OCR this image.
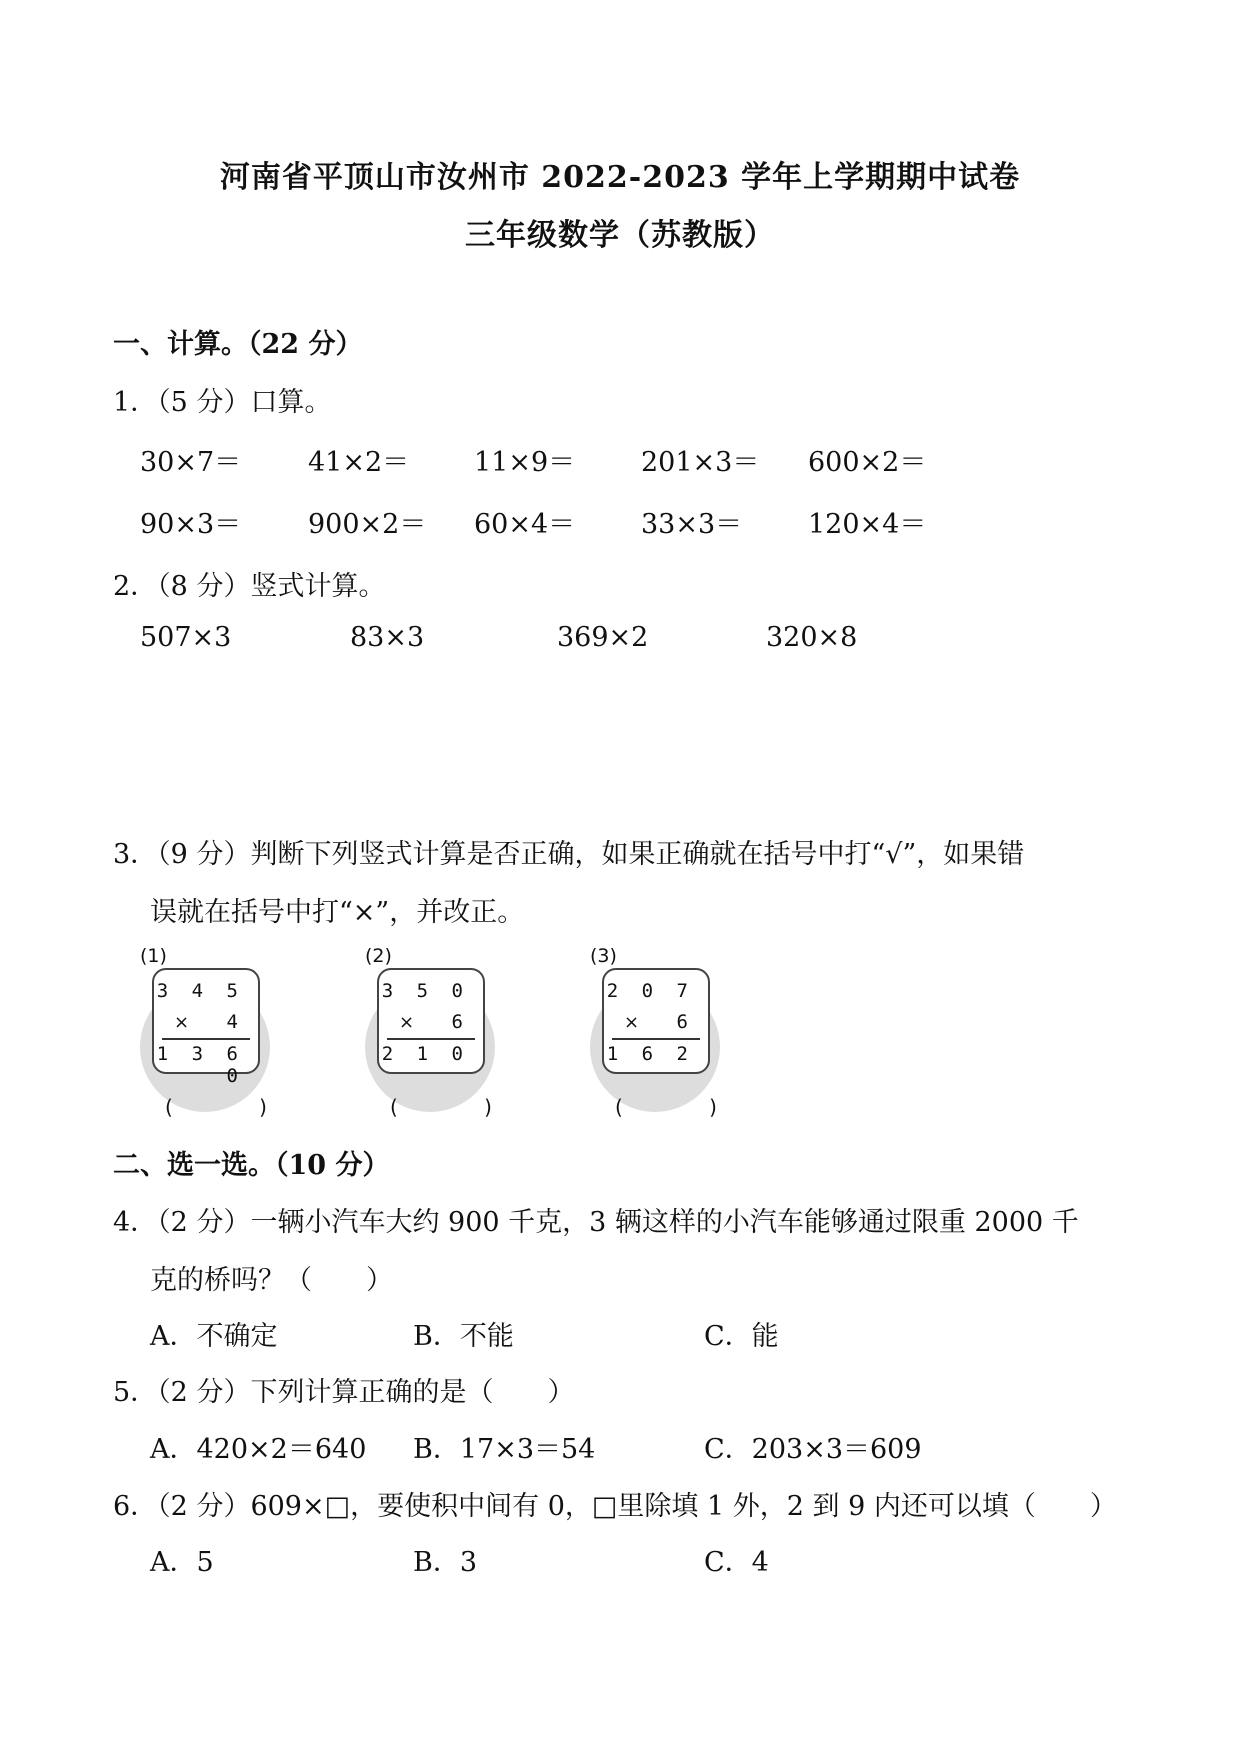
河南省平顶山市汝州市 2022-2023 学年上学期期中试卷
三年级数学（苏教版）
一、计算。（22 分）
1．（5 分）口算。
30×7＝ 41×2＝ 11×9＝ 201×3＝ 600×2＝
90×3＝ 900×2＝ 60×4＝ 33×3＝ 120×4＝
2．（8 分）竖式计算。
507×3	83×3	369×2	320×8
3．（9 分）判断下列竖式计算是否正确，如果正确就在括号中打“√”，如果错
误就在括号中打“×”，并改正。
(1)
3 4 5
× 4
1 3 6 0
( )
(2)
3 5 0
× 6
2 1 0
( )
(3)
2 0 7
× 6
1 6 2
( )
二、选一选。（10 分）
4．（2 分）一辆小汽车大约 900 千克，3 辆这样的小汽车能够通过限重 2000 千
克的桥吗？（　　）
A．不确定	B．不能	C．能
5．（2 分）下列计算正确的是（　　）
A．420×2＝640 B．17×3＝54	C．203×3＝609
6．（2 分）609×□，要使积中间有 0，□里除填 1 外，2 到 9 内还可以填（　　）
A．5	B．3	C．4
